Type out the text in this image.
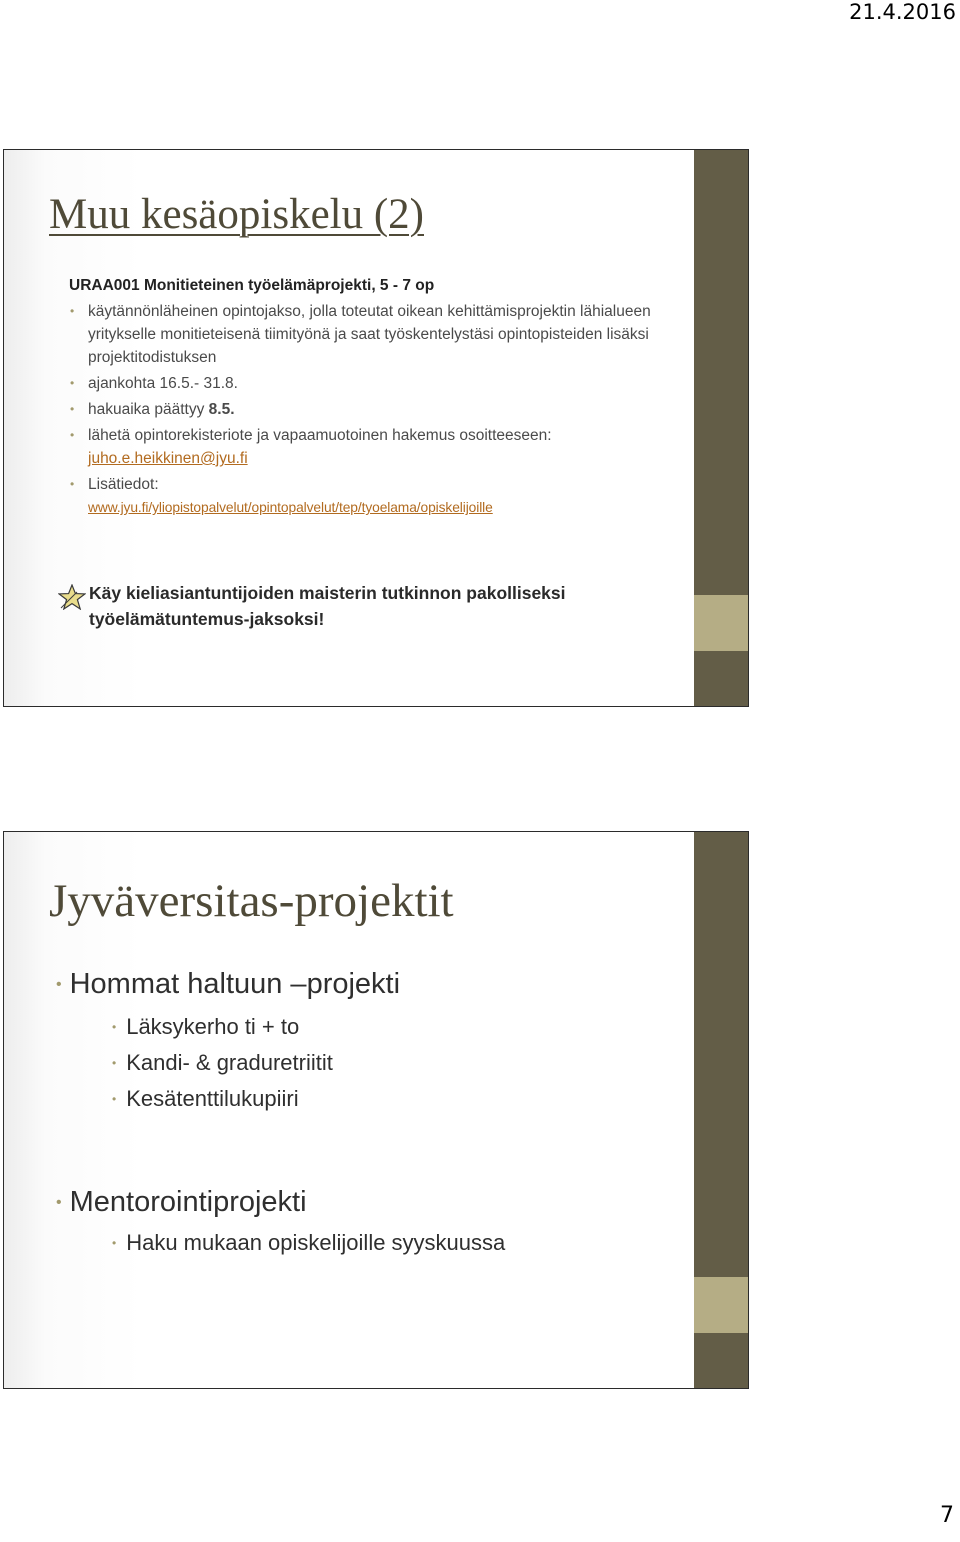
21.4.2016
Muu kesäopiskelu (2)
URAA001 Monitieteinen työelämäprojekti, 5 - 7 op
• käytännönläheinen opintojakso, jolla toteutat oikean kehittämisprojektin lähialueen yritykselle monitieteisenä tiimityönä ja saat työskentelystäsi opintopisteiden lisäksi projektitodistuksen
• ajankohta 16.5.- 31.8.
• hakuaika päättyy 8.5.
• lähetä opintorekisteriote ja vapaamuotoinen hakemus osoitteeseen:
juho.e.heikkinen@jyu.fi
• Lisätiedot:
www.jyu.fi/yliopistopalvelut/opintopalvelut/tep/tyoelama/opiskelijoille
Käy kieliasiantuntijoiden maisterin tutkinnon pakolliseksi työelämätuntemus-jaksoksi!
Jyväversitas-projektit
• Hommat haltuun –projekti
• Läksykerho ti + to
• Kandi- & graduretriitit
• Kesätenttilukupiiri
• Mentorointiprojekti
• Haku mukaan opiskelijoille syyskuussa
7
